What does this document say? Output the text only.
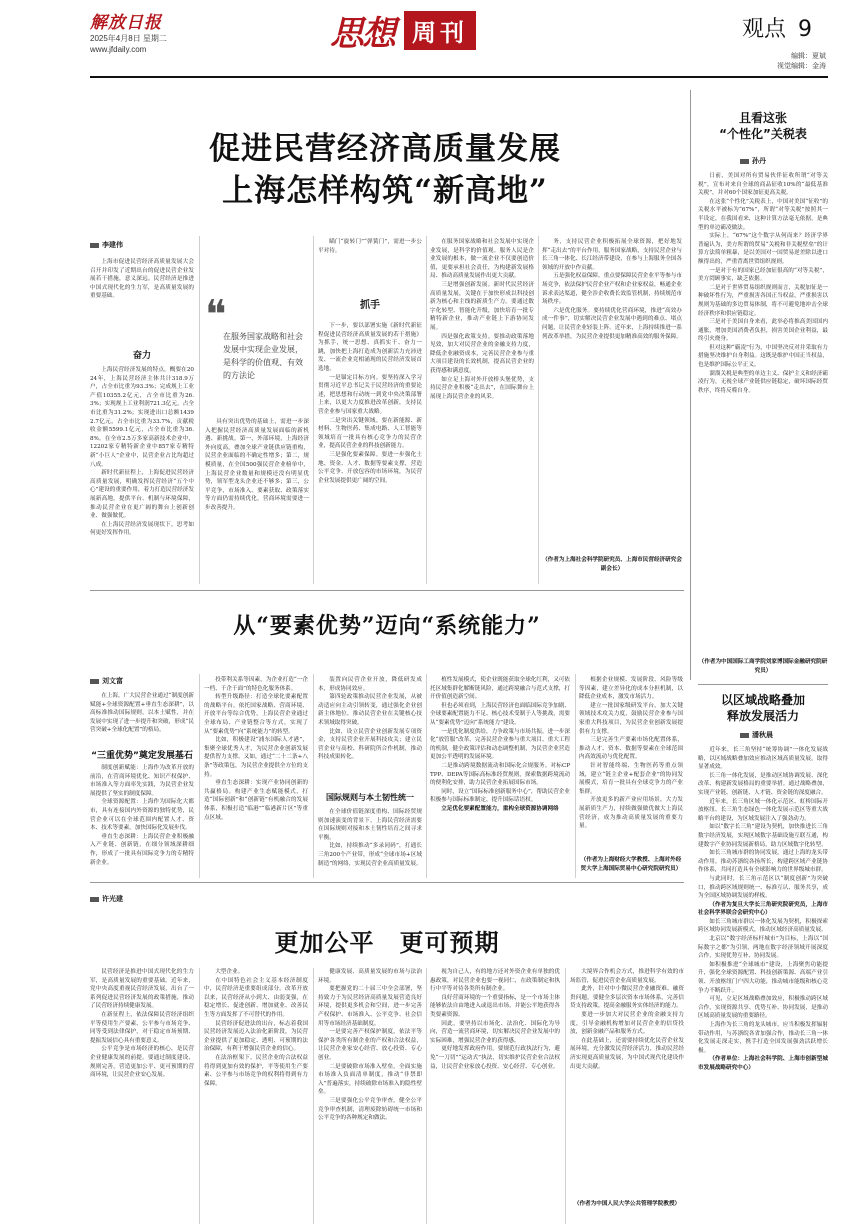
解放日报
2025年4月8日 星期二
www.jfdaily.com	思想 周刊	观点 9
编辑：夏斌
视觉编辑：金涛
促进民营经济高质量发展
上海怎样构筑“新高地”
李建伟

上海市促进民营经济高质量发展大会召开并印发了近期出台的促进民营企业发展若干措施，意义深远。民营经济是推进中国式现代化的生力军，是高质量发展的重要基础。

奋力

上海民营经济发展的特点，概要在2024年，上海民营经济主体共计318.9万户，占全市比重为93.3%；完成规上工业产值10355.2亿元，占全市比重为26.3%；实现规上工业利润721.3亿元，占全市比重为31.2%；实现进出口总额14392.7亿元，占全市比重为33.7%，贡献税收金额5599.1亿元，占全市比重为36.8%。在全市2.5万多家高新技术企业中，12202家专精特新企业中857家专精特新“小巨人”企业中，民营企业占比均超过八成。

新时代新征程上，上海促进民营经济高质量发展，明确发挥民营经济“五个中心”建设的重要作用，着力打造民营经济发展新高地，提供平台、机制与环境保障，推动民营企业在更广阔的舞台上创新创业、做强做优。

在上海民营经济发展现状下，思考如何更好发挥作用。

❝
在服务国家战略和社会发展中实现企业发展，是科学的价值观、有效的方法论

具有突出优势的基础上，需进一步深入把握民营经济高质量发展面临的新机遇、新挑战。第一，外部环境，上海经济外向度高，叠加全球产业链供应链重构，民营企业面临的不确定性增多；第二，规模质量，在全国500强民营企业榜单中，上海民营企业数量和规模还没有明显优势，领军型龙头企业还不够多；第三，公平竞争，市场准入、要素获取、政策落实等方面仍需持续优化，营商环境需要进一步改善提升。

瞄门“旋转门”“弹簧门”，需进一步公平对待。

抓手

下一步，要以部署实施《新时代新征程促进民营经济高质量发展的若干措施》为抓手，统一思想、真抓实干、奋力一跳，加快把上海打造成为创新活力充沛迸发、一流企业竞相涌现的民营经济发展首选地。

一是锚定目标方向。要坚持深入学习贯彻习近平总书记关于民营经济的重要论述，把思想和行动统一到党中央决策部署上来，以更大力度推进改革创新，支持民营企业参与国家重大战略。

二是突出关键领域。要在新能源、新材料、生物医药、集成电路、人工智能等领域培育一批具有核心竞争力的民营企业，提高民营企业的科技创新能力。

三是强化要素保障。要进一步强化土地、资金、人才、数据等要素支撑，营造公平竞争、开放包容的市场环境，为民营企业发展提供更广阔的空间。

在服务国家战略和社会发展中实现企业发展，是科学的价值观。服务人民是企业发展的根本，做一流企业不仅要创造价值，更要承担社会责任，为构建新发展格局、推动高质量发展作出更大贡献。

三是增强创新发展。新时代民营经济高质量发展，关键在于加快形成以科技创新为核心和主线的新质生产力。要通过数字化转型、智能化升级，加快培育一批专精特新企业，推动产业链上下游协同发展。

四是强化政策支持。要推动政策落地见效，加大对民营企业的金融支持力度，降低企业融资成本，完善民营企业参与重大项目建设的长效机制，提高民营企业的获得感和满意度。

如立足上海对外开放桥头堡优势，支持民营企业积极“走出去”，在国际舞台上展现上海民营企业的风采。

务，支持民营企业积极拓展全球资源，把好地发挥“走出去”的平台作用，服务国家战略，支持民营企业与长三角一体化、长江经济带建设，在参与上海服务全国各领域的开放中作贡献。

五是强化权益保障。重点要保障民营企业平等参与市场竞争，依法保护民营企业产权和企业家权益，畅通企业诉求表达渠道，健全涉企收费长效监管机制，持续规范市场秩序。

六是优化服务。要持续优化营商环境，推进“高效办成一件事”，切实解决民营企业发展中遇到的难点、堵点问题，让民营企业轻装上阵。近年来，上海持续推进一系列改革举措，为民营企业提供更加精准高效的服务保障。

（作者为上海社会科学院研究员、上海市民营经济研究会副会长）
且看这张
“个性化”关税表
孙丹

日前，美国对所有贸易伙伴征收所谓“对等关税”，宣布对来自全球的商品征收10%的“最低基准关税”，并对60个国家加征更高关税。

在这张“个性化”关税表上，中国对美国“征收”的关税水平被标为“67%”，所谓“对等关税”按照其一半设定，在我国看来，这种计算方法毫无依据，是典型的单边霸凌做法。

实际上，“67%”这个数字从何而来？经济学界普遍认为，美方所谓的贸易“关税和非关税壁垒”的计算方法简单粗暴，是以美国对一国贸易逆差除以进口额得出的，严重背离世贸组织规则。

一是对于有的国家已经加征很高的“对等关税”，美方罔顾事实，缺乏依据。

二是对于世界贸易组织规则而言，关税加征是一种破坏性行为，严重损害各国正当权益，严重损害以规则为基础的多边贸易体制，将不可避免地冲击全球经济秩序和供应链稳定。

三是对于美国自身来看，此举必将推高美国国内通胀，增加美国消费者负担，损害美国企业利益，最终引火烧身。

但对这种“霸凌”行为，中国坚决反对并采取有力措施坚决维护自身利益。这既是维护中国正当权益，也是维护国际公平正义。

溜溜关税是典型的单边主义、保护主义和经济霸凌行为，无视全球产业链供应链稳定，破坏国际经贸秩序，终将反噬自身。

（作者为中国国际工商学院刘家博国际金融研究院研究员）
从“要素优势”迈向“系统能力”
刘文富

在上海，广大民营企业通过“制度创新赋能+全球资源配置+垂直生态深耕”，以高标准推动国际规则，以本土赋性，并在发展中实现了进一步提升和突破，形成“民营突破+全球化配置”的格局。

“三重优势”奠定发展基石

制度创新赋能：上海作为改革开放的前沿，在营商环境优化、知识产权保护、市场准入等方面率先实践，为民营企业发展提供了坚实的制度保障。

全球资源配置：上海作为国际化大都市，具有连接国内外资源的独特优势，民营企业可以在全球范围内配置人才、资本、技术等要素，加快国际化发展步伐。

垂直生态深耕：上海民营企业积极融入产业链、创新链，在细分领域深耕细作，形成了一批具有国际竞争力的专精特新企业。

投带利关系等因素，为企业打造“一企一档、千企千面”的特色化服务体系。

转型升级路径：打造全球化要素配置的战略平台。依托国家战略、营商环境、开放平台等综合优势，上海民营企业通过全球布局、产业链整合等方式，实现了从“要素优势”向“系统能力”的转型。

比如，积极建设“浦东国际人才港”，集聚全球优秀人才，为民营企业创新发展提供智力支撑。又如，通过“二十二条+八条”等政策包，为民营企业提供全方位的支持。

垂直生态深耕：实现产业协同创新的共赢格局。构建产业生态赋能模式，打造“国际创新”和“创新链”有机融合的发展体系，积极打造“临港”“临港新片区”等重点区域。

装置向民营企业开放，降低研发成本，形成协同效应。

第四轮政策推动民营企业发展，从被动适应向主动引领转变，通过强化企业创新主体地位，推动民营企业在关键核心技术领域取得突破。

比如，设立民营企业创新发展专项资金，支持民营企业开展科技攻关；建立民营企业与高校、科研院所合作机制，推动科技成果转化。

国际规则与本土韧性统一

在全球价值链深度重构、国际经贸规则加速演变的背景下，上海民营经济需要在国际规则对接和本土韧性培育之间寻求平衡。

比如，持续推动“多录同码”，打通长三角200个产业带，形成“全球市场+区域制造”的网络，实现民营企业高质量发展。

植性发展模式，使企业既能获取全球化红利，又可依托区域集群化解断链风险，通过跨境融合与范式支撑，打开价值创造新空间。

但也必须看到，上海民营经济也面临国际竞争加剧、全球要素配置能力不足、核心技术受制于人等挑战，需要从“要素优势”迈向“系统能力”建设。

一是优化制度供给，力争政策与市场共振。进一步深化“放管服”改革，完善民营企业参与重大项目、重大工程的机制，健全政策评估和动态调整机制，为民营企业营造更加公平透明的发展环境。

二是推动跨境数据流动和国际化合规服务。对标CPTPP、DEPA等国际高标准经贸规则，探索数据跨境流动的便利化安排，助力民营企业拓展国际市场。

同时，设立“国际标准创新服务中心”，帮助民营企业积极参与国际标准制定，提升国际话语权。

立足优化要素配置能力，重构全球资源协调网络

根据企业规模、发展阶段、风险等级等因素，建立差异化的成本分担机制，以降低企业成本，激发市场活力。

建立一批国家级研发平台，加大关键领域技术攻关力度，鼓励民营企业参与国家重大科技项目，为民营企业创新发展提供有力支撑。

三是完善生产要素市场化配置体系，推动人才、资本、数据等要素在全球范围内高效流动与优化配置。

针对智能终端、生物医药等重点领域，建立“链主企业+配套企业”的协同发展模式，培育一批具有全球竞争力的产业集群。

开放更多的新产业应用场景，大力发展新质生产力，持续做强做优做大上海民营经济，成为推动高质量发展的重要力量。

（作者为上海财经大学教授、上海对外经贸大学上海国际贸易中心研究院研究员）
以区域战略叠加
释放发展活力
潘秋晨

近年来，长三角坚持“统筹协调”一体化发展战略，以区域战略叠加效应推动区域高质量发展，取得显著成效。

长三角一体化发展，是推动区域协调发展、深化改革、构建新发展格局的重要举措。通过战略叠加，实现产业链、创新链、人才链、资金链的深度融合。

近年来，长三角区域一体化示范区、虹桥国际开放枢纽、长三角生态绿色一体化发展示范区等重大战略平台的建设，为区域发展注入了强劲动力。

如以“数字长三角”建设为契机，加快推进长三角数字经济发展，实现区域数字基础设施互联互通，构建数字产业协同发展新格局，助力区域数字化转型。

如长三角城市群的协同发展，通过上海的龙头带动作用，推动苏浙皖各扬所长，构建跨区域产业链协作体系，共同打造具有全球影响力的世界级城市群。

与此同时，长三角示范区以“制度创新”为突破口，推动跨区域规则统一、标准互认、服务共享，成为全国区域协调发展的样板。

（作者为复旦大学长三角研究院研究员，上海市社会科学界联合会研究中心）

如长三角城市群以一体化发展为契机，积极探索跨区域协同发展新模式，推动区域经济高质量发展。

北京以“数字经济标杆城市”为目标，上海以“国际数字之都”为引领，两地在数字经济领域开展深度合作，实现优势互补、协同发展。

如积极推进“全球城市”建设，上海聚焦功能提升，强化全球资源配置、科技创新策源、高端产业引领、开放枢纽门户四大功能，推动城市能级和核心竞争力不断跃升。

可见，立足区域战略叠加效应，积极推动跨区域合作，实现资源共享、优势互补、协同发展，是推动区域高质量发展的重要路径。

上海作为长三角的龙头城市，应当积极发挥辐射带动作用，与苏浙皖各省加强合作，推动长三角一体化发展走深走实，携手打造全国发展强劲活跃增长极。

（作者单位：上海社会科学院、上海市创新型城市发展战略研究中心）

更加公平　更可预期
许光建

民营经济是推进中国式现代化的生力军，是高质量发展的重要基础。近年来，党中央高度重视民营经济发展，出台了一系列促进民营经济发展的政策措施，推动了民营经济持续健康发展。

在新征程上，依法保障民营经济组织平等使用生产要素、公平参与市场竞争、同等受到法律保护，对于稳定市场预期、提振发展信心具有重要意义。

公平竞争是市场经济的核心，是民营企业健康发展的前提。要通过制度建设、规则完善，营造更加公平、更可预期的营商环境，让民营企业安心发展。

大型企业。

在中国特色社会主义基本经济制度中，民营经济是重要组成部分。改革开放以来，民营经济从小到大、由弱变强，在稳定增长、促进创新、增加就业、改善民生等方面发挥了不可替代的作用。

民营经济促进法的出台，标志着我国民营经济发展迈入法治化新阶段，为民营企业提供了更加稳定、透明、可预期的法治保障，有利于增强民营企业的信心。

在法治框架下，民营企业的合法权益将得到更加有效的保护，平等使用生产要素、公平参与市场竞争的权利将得到有力保障。

健康发展、高质量发展的市场与法治环境。

要把握党的二十届三中全会部署，坚持致力于为民营经济高质量发展营造良好环境，提供更多机会和空间，进一步完善产权保护、市场准入、公平竞争、社会信用等市场经济基础制度。

一是要完善产权保护制度，依法平等保护各类所有制企业的产权和合法权益，让民营企业家安心经营、放心投资、专心创业。

二是要破除市场准入壁垒，全面实施市场准入负面清单制度，推动“非禁即入”普遍落实，持续破除市场准入的隐性壁垒。

三是要强化公平竞争审查，健全公平竞争审查机制，清理废除妨碍统一市场和公平竞争的各种规定和做法。

视为自己人，有的地方还对外资企业有单独的优惠政策，对民营企业也要一视同仁，在政策制定和执行中平等对待各类所有制企业。

良好营商环境的一个重要指标，是一个市场主体能够依法自由地进入或退出市场，并能公平地获得各类要素资源。

因此，要坚持以市场化、法治化、国际化为导向，营造一流营商环境，切实解决民营企业发展中的实际困难，增强民营企业的获得感。

更好地发挥政府作用，要规范行政执法行为，避免“一刀切”“运动式”执法，切实维护民营企业合法权益，让民营企业家放心投资、安心经营、专心创业。

大境界合作机会方式，推进科学有效的市场监管，促进民营企业高质量发展。

此外，针对中小微民营企业融资难、融资贵问题，要健全多层次资本市场体系，完善信贷支持政策，提高金融服务实体经济的能力。

要进一步加大对民营企业的金融支持力度，引导金融机构增加对民营企业的信贷投放，创新金融产品和服务方式。

在此基础上，还需要持续优化民营企业发展环境，充分激发民营经济活力，推动民营经济实现更高质量发展，为中国式现代化建设作出更大贡献。

（作者为中国人民大学公共管理学院教授）
